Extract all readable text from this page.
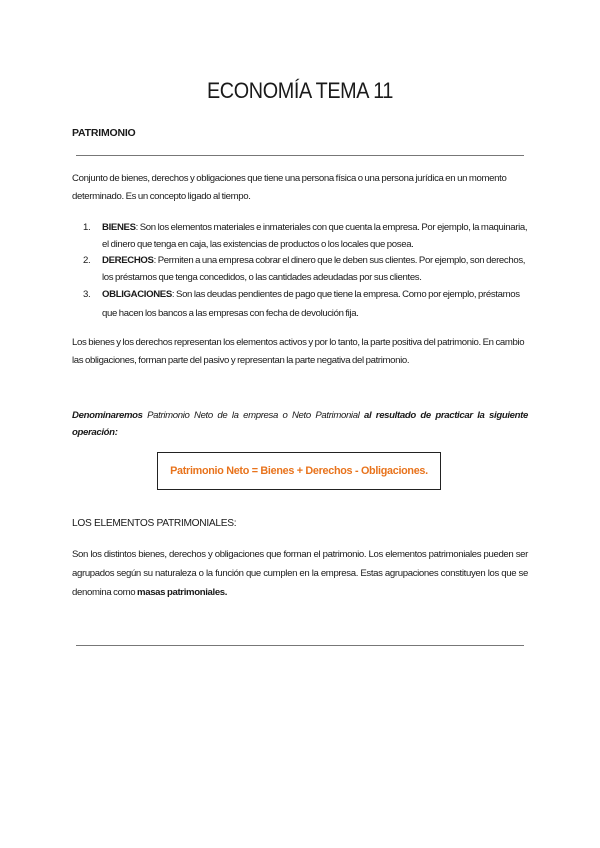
ECONOMÍA TEMA 11
PATRIMONIO

Conjunto de bienes, derechos y obligaciones que tiene una persona física o una persona jurídica en un momento determinado. Es un concepto ligado al tiempo.

1. BIENES: Son los elementos materiales e inmateriales con que cuenta la empresa. Por ejemplo, la maquinaria, el dinero que tenga en caja, las existencias de productos o los locales que posea.
2. DERECHOS: Permiten a una empresa cobrar el dinero que le deben sus clientes. Por ejemplo, son derechos, los préstamos que tenga concedidos, o las cantidades adeudadas por sus clientes.
3. OBLIGACIONES: Son las deudas pendientes de pago que tiene la empresa. Como por ejemplo, préstamos que hacen los bancos a las empresas con fecha de devolución fija.

Los bienes y los derechos representan los elementos activos y por lo tanto, la parte positiva del patrimonio. En cambio las obligaciones, forman parte del pasivo y representan la parte negativa del patrimonio.

Denominaremos Patrimonio Neto de la empresa o Neto Patrimonial al resultado de practicar la siguiente operación:

Patrimonio Neto = Bienes + Derechos - Obligaciones.
LOS ELEMENTOS PATRIMONIALES:

Son los distintos bienes, derechos y obligaciones que forman el patrimonio. Los elementos patrimoniales pueden ser agrupados según su naturaleza o la función que cumplen en la empresa. Estas agrupaciones constituyen los que se denomina como masas patrimoniales.
